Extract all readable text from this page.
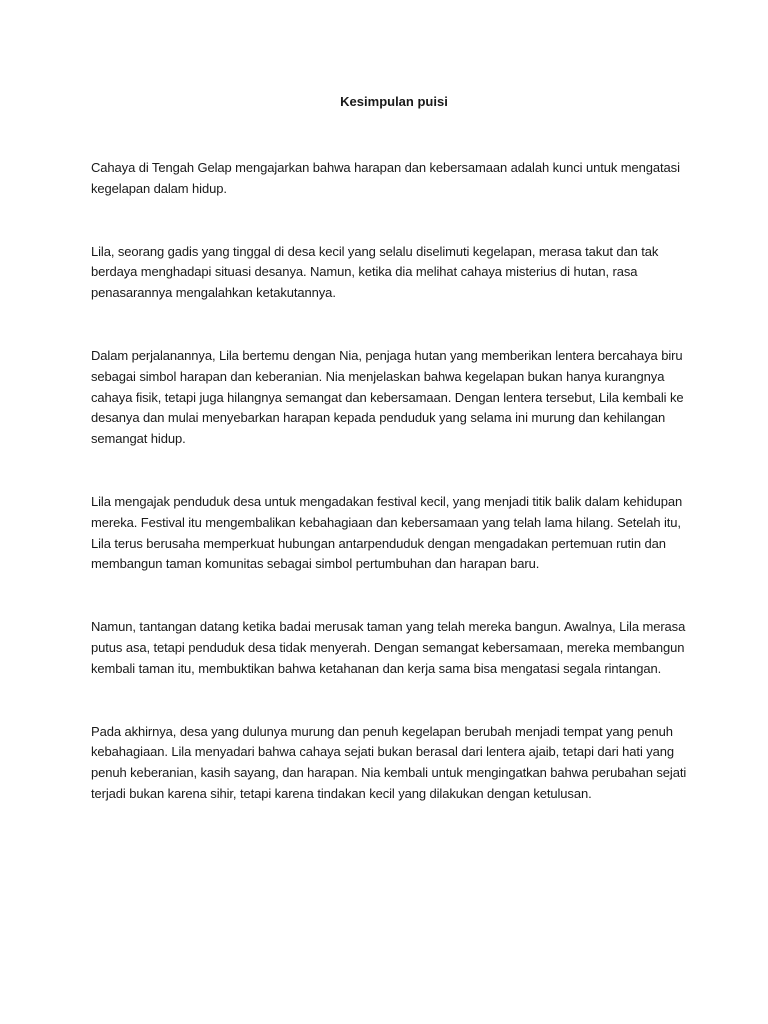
Kesimpulan puisi

Cahaya di Tengah Gelap mengajarkan bahwa harapan dan kebersamaan adalah kunci untuk mengatasi
kegelapan dalam hidup.

Lila, seorang gadis yang tinggal di desa kecil yang selalu diselimuti kegelapan, merasa takut dan tak
berdaya menghadapi situasi desanya. Namun, ketika dia melihat cahaya misterius di hutan, rasa
penasarannya mengalahkan ketakutannya.

Dalam perjalanannya, Lila bertemu dengan Nia, penjaga hutan yang memberikan lentera bercahaya biru
sebagai simbol harapan dan keberanian. Nia menjelaskan bahwa kegelapan bukan hanya kurangnya
cahaya fisik, tetapi juga hilangnya semangat dan kebersamaan. Dengan lentera tersebut, Lila kembali ke
desanya dan mulai menyebarkan harapan kepada penduduk yang selama ini murung dan kehilangan
semangat hidup.

Lila mengajak penduduk desa untuk mengadakan festival kecil, yang menjadi titik balik dalam kehidupan
mereka. Festival itu mengembalikan kebahagiaan dan kebersamaan yang telah lama hilang. Setelah itu,
Lila terus berusaha memperkuat hubungan antarpenduduk dengan mengadakan pertemuan rutin dan
membangun taman komunitas sebagai simbol pertumbuhan dan harapan baru.

Namun, tantangan datang ketika badai merusak taman yang telah mereka bangun. Awalnya, Lila merasa
putus asa, tetapi penduduk desa tidak menyerah. Dengan semangat kebersamaan, mereka membangun
kembali taman itu, membuktikan bahwa ketahanan dan kerja sama bisa mengatasi segala rintangan.

Pada akhirnya, desa yang dulunya murung dan penuh kegelapan berubah menjadi tempat yang penuh
kebahagiaan. Lila menyadari bahwa cahaya sejati bukan berasal dari lentera ajaib, tetapi dari hati yang
penuh keberanian, kasih sayang, dan harapan. Nia kembali untuk mengingatkan bahwa perubahan sejati
terjadi bukan karena sihir, tetapi karena tindakan kecil yang dilakukan dengan ketulusan.
